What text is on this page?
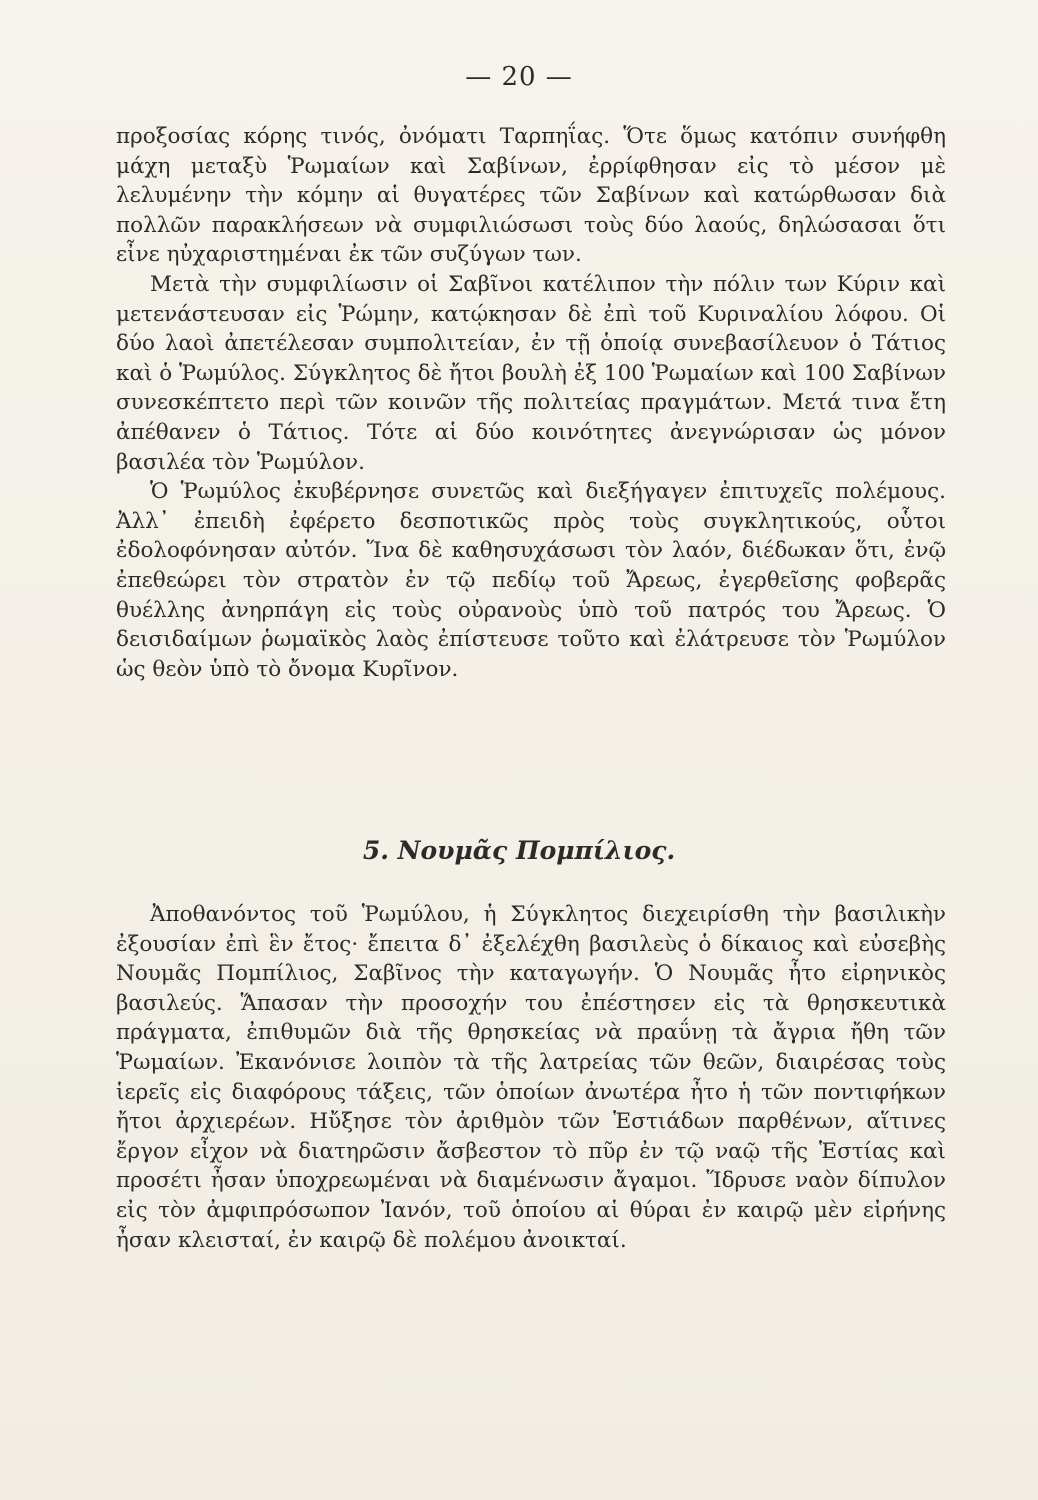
— 20 —

προξοσίας κόρης τινός, ὀνόματι Ταρπηΐας. Ὅτε ὅμως κατόπιν συνήφθη μάχη μεταξὺ Ῥωμαίων καὶ Σαβίνων, ἐρρίφθησαν εἰς τὸ μέσον μὲ λελυμένην τὴν κόμην αἱ θυγατέρες τῶν Σαβίνων καὶ κατώρθωσαν διὰ πολλῶν παρακλήσεων νὰ συμφιλιώσωσι τοὺς δύο λαούς, δηλώσασαι ὅτι εἶνε ηὐχαριστημέναι ἐκ τῶν συζύγων των.

Μετὰ τὴν συμφιλίωσιν οἱ Σαβῖνοι κατέλιπον τὴν πόλιν των Κύριν καὶ μετενάστευσαν εἰς Ῥώμην, κατῴκησαν δὲ ἐπὶ τοῦ Κυριναλίου λόφου. Οἱ δύο λαοὶ ἀπετέλεσαν συμπολιτείαν, ἐν τῇ ὁποίᾳ συνεβασίλευον ὁ Τάτιος καὶ ὁ Ῥωμύλος. Σύγκλητος δὲ ἤτοι βουλὴ ἐξ 100 Ῥωμαίων καὶ 100 Σαβίνων συνεσκέπτετο περὶ τῶν κοινῶν τῆς πολιτείας πραγμάτων. Μετά τινα ἔτη ἀπέθανεν ὁ Τάτιος. Τότε αἱ δύο κοινότητες ἀνεγνώρισαν ὡς μόνον βασιλέα τὸν Ῥωμύλον.

Ὁ Ῥωμύλος ἐκυβέρνησε συνετῶς καὶ διεξήγαγεν ἐπιτυχεῖς πολέμους. Ἀλλ᾽ ἐπειδὴ ἐφέρετο δεσποτικῶς πρὸς τοὺς συγκλητικούς, οὗτοι ἐδολοφόνησαν αὐτόν. Ἵνα δὲ καθησυχάσωσι τὸν λαόν, διέδωκαν ὅτι, ἐνῷ ἐπεθεώρει τὸν στρατὸν ἐν τῷ πεδίῳ τοῦ Ἄρεως, ἐγερθεῖσης φοβερᾶς θυέλλης ἀνηρπάγη εἰς τοὺς οὐρανοὺς ὑπὸ τοῦ πατρός του Ἄρεως. Ὁ δεισιδαίμων ῥωμαϊκὸς λαὸς ἐπίστευσε τοῦτο καὶ ἐλάτρευσε τὸν Ῥωμύλον ὡς θεὸν ὑπὸ τὸ ὄνομα Κυρῖνον.

5. Νουμᾶς Πομπίλιος.

Ἀποθανόντος τοῦ Ῥωμύλου, ἡ Σύγκλητος διεχειρίσθη τὴν βασιλικὴν ἐξουσίαν ἐπὶ ἓν ἔτος· ἔπειτα δ᾽ ἐξελέχθη βασιλεὺς ὁ δίκαιος καὶ εὐσεβὴς Νουμᾶς Πομπίλιος, Σαβῖνος τὴν καταγωγήν. Ὁ Νουμᾶς ἦτο εἰρηνικὸς βασιλεύς. Ἅπασαν τὴν προσοχήν του ἐπέστησεν εἰς τὰ θρησκευτικὰ πράγματα, ἐπιθυμῶν διὰ τῆς θρησκείας νὰ πραΰνῃ τὰ ἄγρια ἤθη τῶν Ῥωμαίων. Ἐκανόνισε λοιπὸν τὰ τῆς λατρείας τῶν θεῶν, διαιρέσας τοὺς ἱερεῖς εἰς διαφόρους τάξεις, τῶν ὁποίων ἀνωτέρα ἦτο ἡ τῶν ποντιφήκων ἤτοι ἀρχιερέων. Ηὔξησε τὸν ἀριθμὸν τῶν Ἑστιάδων παρθένων, αἵτινες ἔργον εἶχον νὰ διατηρῶσιν ἄσβεστον τὸ πῦρ ἐν τῷ ναῷ τῆς Ἑστίας καὶ προσέτι ἦσαν ὑποχρεωμέναι νὰ διαμένωσιν ἄγαμοι. Ἵδρυσε ναὸν δίπυλον εἰς τὸν ἀμφιπρόσωπον Ἰανόν, τοῦ ὁποίου αἱ θύραι ἐν καιρῷ μὲν εἰρήνης ἦσαν κλεισταί, ἐν καιρῷ δὲ πολέμου ἀνοικταί.
